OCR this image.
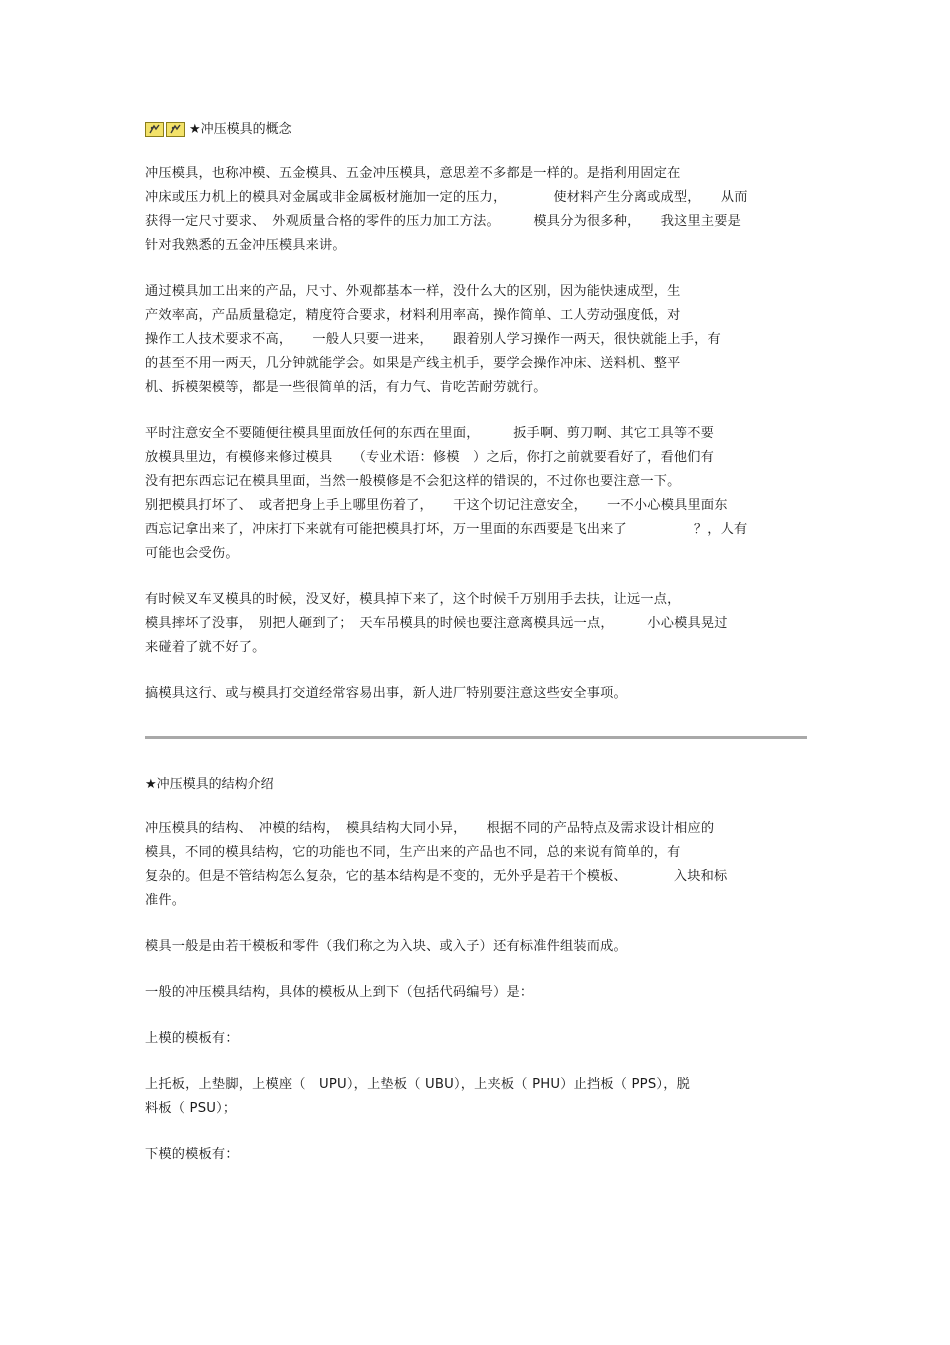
★ 冲压模具的概念

冲压模具，也称冲模、五金模具、五金冲压模具，意思差不多都是一样的。是指利用固定在

冲床或压力机上的模具对金属或非金属板材施加一定的压力，　　　　使材料产生分离或成型，　　从而

获得一定尺寸要求、　外观质量合格的零件的压力加工方法。　　　模具分为很多种，　　我这里主要是

针对我熟悉的五金冲压模具来讲。

通过模具加工出来的产品，尺寸、外观都基本一样，没什么大的区别，因为能快速成型，生

产效率高，产品质量稳定，精度符合要求，材料利用率高，操作简单、工人劳动强度低，对

操作工人技术要求不高，　　一般人只要一进来，　　跟着别人学习操作一两天，很快就能上手，有

的甚至不用一两天，几分钟就能学会。如果是产线主机手，要学会操作冲床、送料机、整平

机、拆模架模等，都是一些很简单的活，有力气、肯吃苦耐劳就行。

平时注意安全不要随便往模具里面放任何的东西在里面，　　　扳手啊、剪刀啊、其它工具等不要

放模具里边，有模修来修过模具　　（专业术语：修模　）之后，你打之前就要看好了，看他们有

没有把东西忘记在模具里面，当然一般模修是不会犯这样的错误的，不过你也要注意一下。

别把模具打坏了、　或者把身上手上哪里伤着了，　　干这个切记注意安全，　　一不小心模具里面东

西忘记拿出来了，冲床打下来就有可能把模具打坏，万一里面的东西要是飞出来了　　　　　？，人有

可能也会受伤。

有时候叉车叉模具的时候，没叉好，模具掉下来了，这个时候千万别用手去扶，让远一点，

模具摔坏了没事，　别把人砸到了；　天车吊模具的时候也要注意离模具远一点，　　　小心模具晃过

来碰着了就不好了。

搞模具这行、或与模具打交道经常容易出事，新人进厂特别要注意这些安全事项。

★ 冲压模具的结构介绍

冲压模具的结构、　冲模的结构，　模具结构大同小异，　　根据不同的产品特点及需求设计相应的

模具，不同的模具结构，它的功能也不同，生产出来的产品也不同，总的来说有简单的，有

复杂的。但是不管结构怎么复杂，它的基本结构是不变的，无外乎是若干个模板、　　　　入块和标

准件。

模具一般是由若干模板和零件（我们称之为入块、或入子）还有标准件组装而成。

一般的冲压模具结构，具体的模板从上到下（包括代码编号）是：

上模的模板有：

上托板，上垫脚，上模座（　UPU），上垫板（ UBU），上夹板（ PHU）止挡板（ PPS），脱

料板（ PSU）；

下模的模板有：
